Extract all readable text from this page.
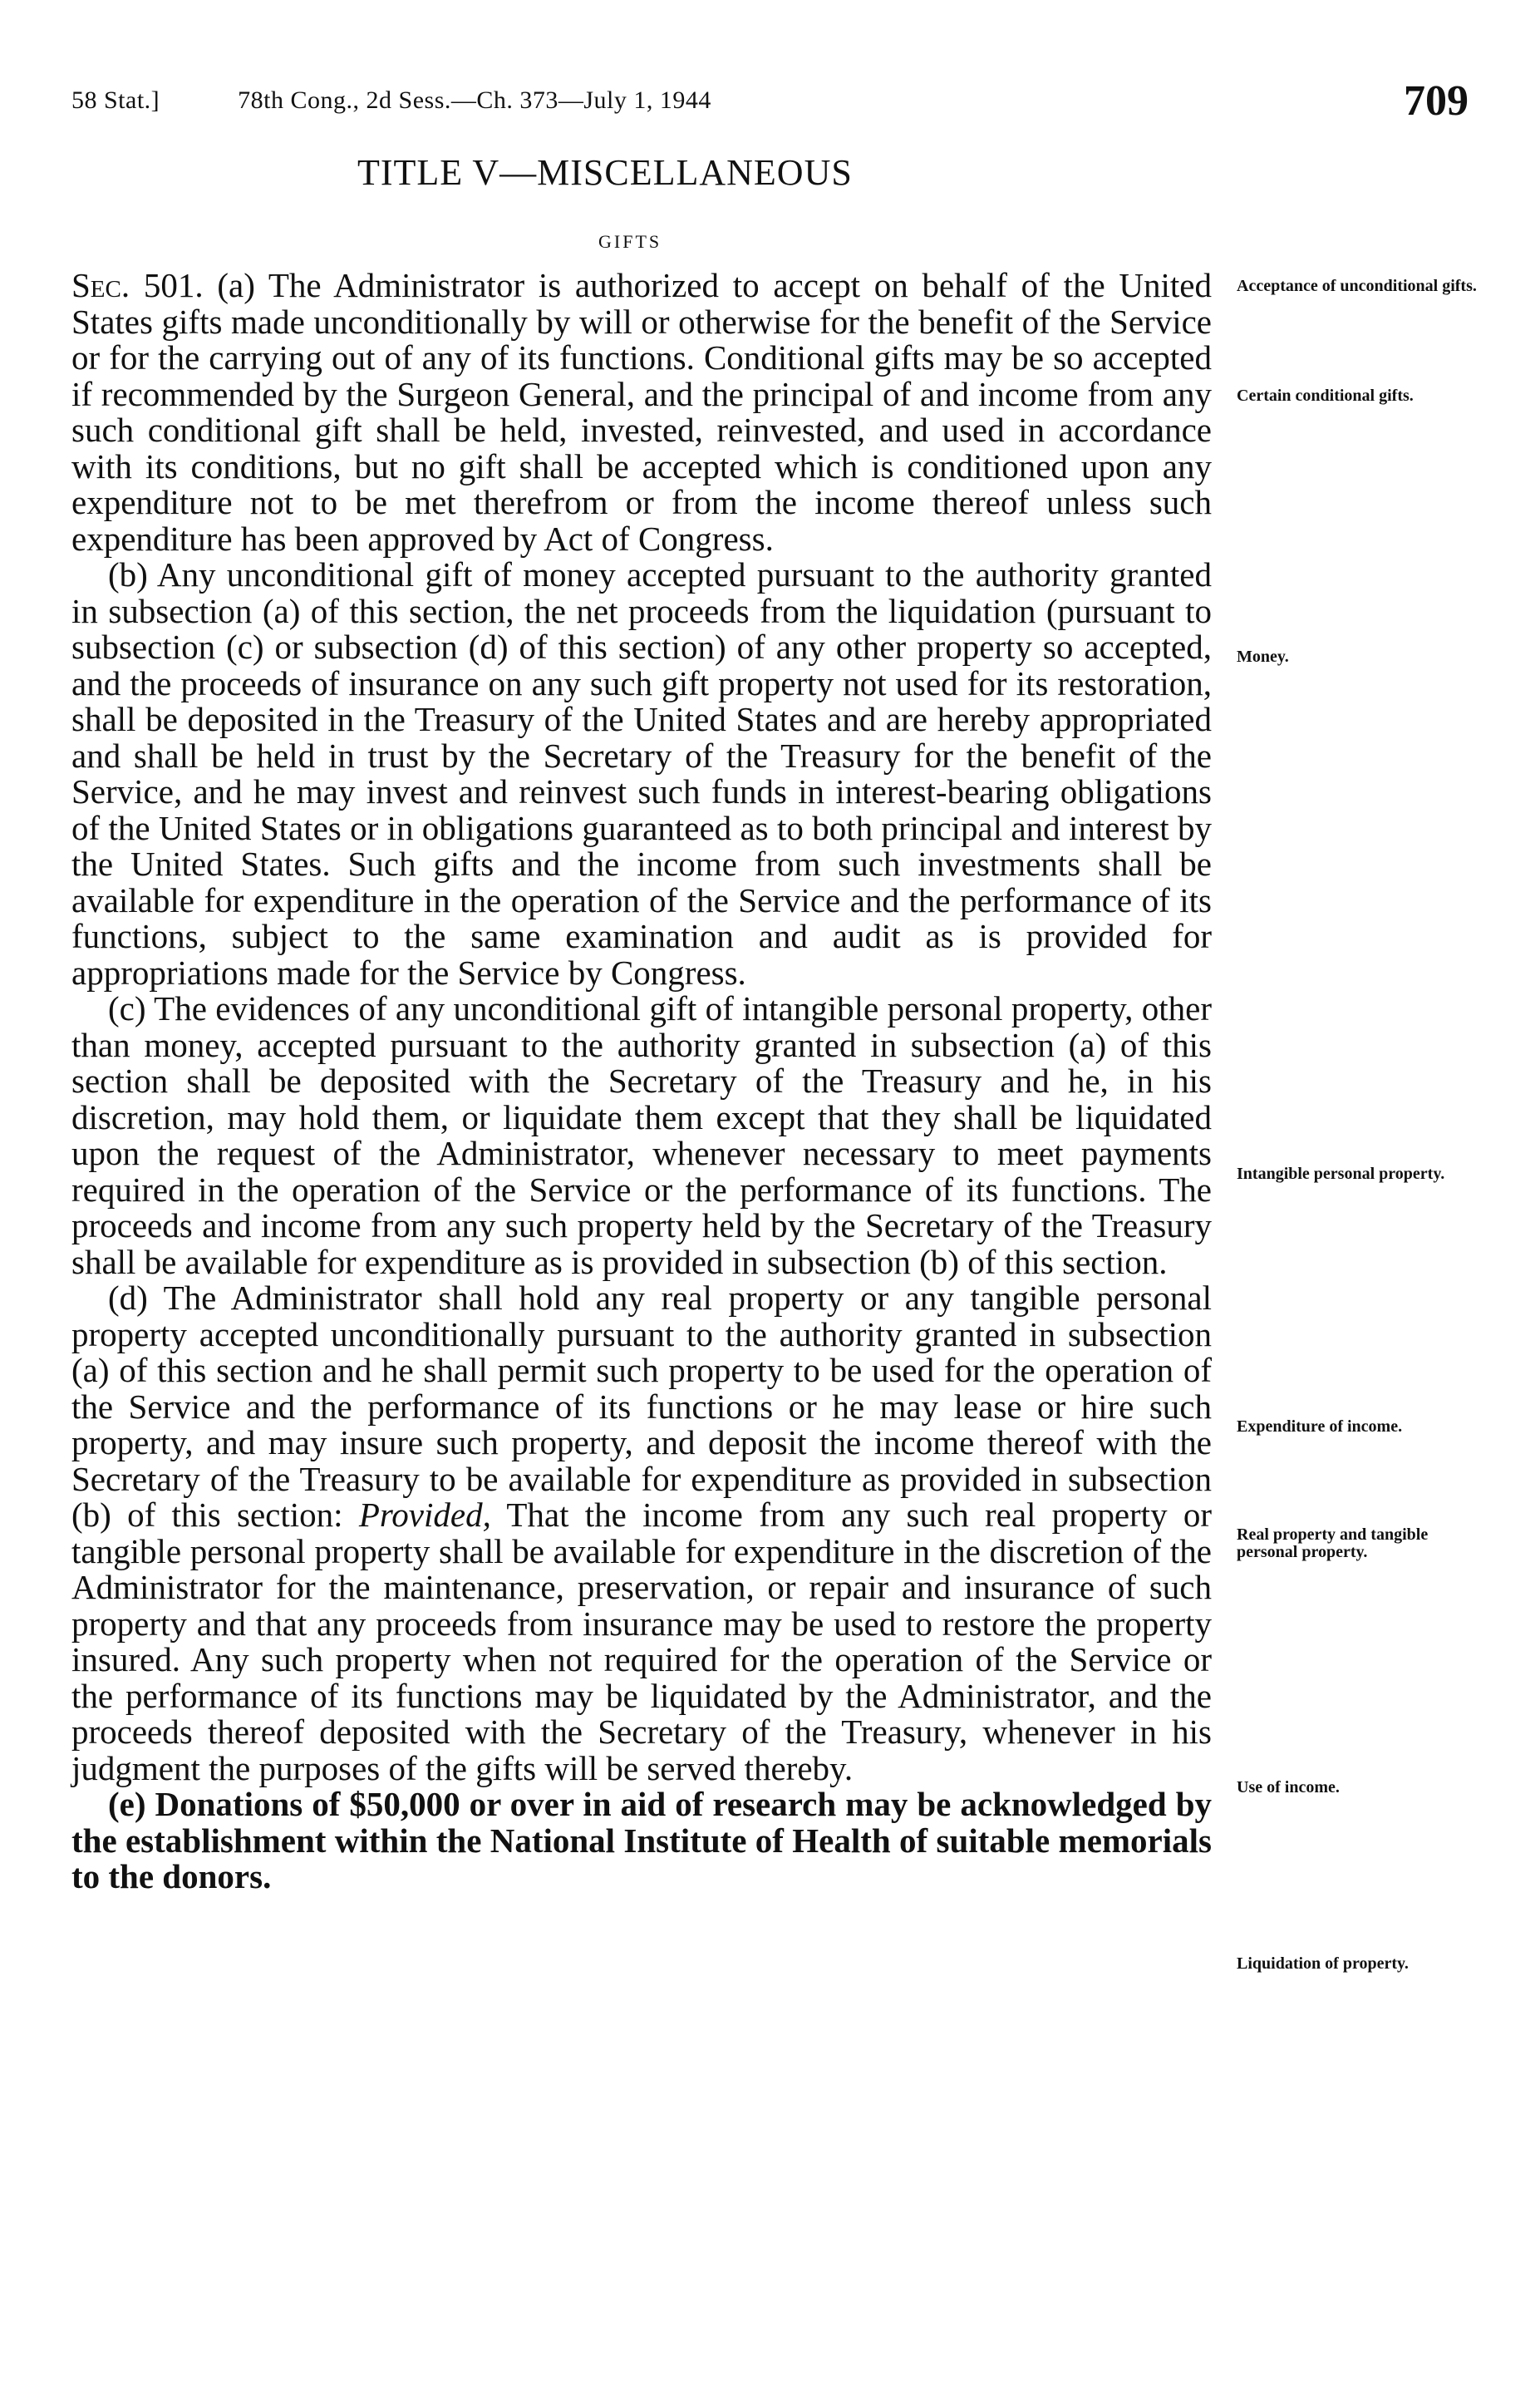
58 Stat.]	78th Cong., 2d Sess.—Ch. 373—July 1, 1944	709
TITLE V—MISCELLANEOUS
GIFTS

Sec. 501. (a) The Administrator is authorized to accept on behalf of the United States gifts made unconditionally by will or otherwise for the benefit of the Service or for the carrying out of any of its functions. Conditional gifts may be so accepted if recommended by the Surgeon General, and the principal of and income from any such conditional gift shall be held, invested, reinvested, and used in accordance with its conditions, but no gift shall be accepted which is conditioned upon any expenditure not to be met therefrom or from the income thereof unless such expenditure has been approved by Act of Congress.

(b) Any unconditional gift of money accepted pursuant to the authority granted in subsection (a) of this section, the net proceeds from the liquidation (pursuant to subsection (c) or subsection (d) of this section) of any other property so accepted, and the proceeds of insurance on any such gift property not used for its restoration, shall be deposited in the Treasury of the United States and are hereby appropriated and shall be held in trust by the Secretary of the Treasury for the benefit of the Service, and he may invest and reinvest such funds in interest-bearing obligations of the United States or in obligations guaranteed as to both principal and interest by the United States. Such gifts and the income from such investments shall be available for expenditure in the operation of the Service and the performance of its functions, subject to the same examination and audit as is provided for appropriations made for the Service by Congress.

(c) The evidences of any unconditional gift of intangible personal property, other than money, accepted pursuant to the authority granted in subsection (a) of this section shall be deposited with the Secretary of the Treasury and he, in his discretion, may hold them, or liquidate them except that they shall be liquidated upon the request of the Administrator, whenever necessary to meet payments required in the operation of the Service or the performance of its functions. The proceeds and income from any such property held by the Secretary of the Treasury shall be available for expenditure as is provided in subsection (b) of this section.

(d) The Administrator shall hold any real property or any tangible personal property accepted unconditionally pursuant to the authority granted in subsection (a) of this section and he shall permit such property to be used for the operation of the Service and the performance of its functions or he may lease or hire such property, and may insure such property, and deposit the income thereof with the Secretary of the Treasury to be available for expenditure as provided in subsection (b) of this section: Provided, That the income from any such real property or tangible personal property shall be available for expenditure in the discretion of the Administrator for the maintenance, preservation, or repair and insurance of such property and that any proceeds from insurance may be used to restore the property insured. Any such property when not required for the operation of the Service or the performance of its functions may be liquidated by the Administrator, and the proceeds thereof deposited with the Secretary of the Treasury, whenever in his judgment the purposes of the gifts will be served thereby.

(e) Donations of $50,000 or over in aid of research may be acknowledged by the establishment within the National Institute of Health of suitable memorials to the donors.

Acceptance of unconditional gifts.
Certain conditional gifts.
Money.
Intangible personal property.
Expenditure of income.
Real property and tangible personal property.
Use of income.
Liquidation of property.
